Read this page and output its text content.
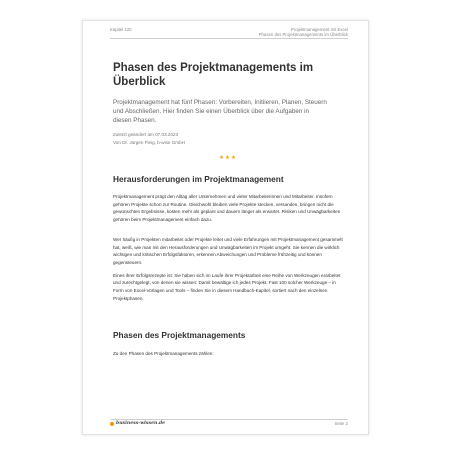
Kapitel 120	Projektmanagement mit Excel
Phasen des Projektmanagements im Überblick
Phasen des Projektmanagements im Überblick
Projektmanagement hat fünf Phasen: Vorbereiten, Initiieren, Planen, Steuern und Abschließen. Hier finden Sie einen Überblick über die Aufgaben in diesen Phasen.
Zuletzt geändert am 07.03.2023
Von Dr. Jürgen Fleig, b-wise GmbH
★★★
Herausforderungen im Projektmanagement

Projektmanagement prägt den Alltag aller Unternehmen und vieler Mitarbeiterinnen und Mitarbeiter. Insofern gehören Projekte schon zur Routine. Gleichwohl bleiben viele Projekte stecken, versanden, bringen nicht die gewünschten Ergebnisse, kosten mehr als geplant und dauern länger als erwartet. Risiken und Unwägbarkeiten gehören beim Projektmanagement einfach dazu.

Wer häufig in Projekten mitarbeitet oder Projekte leitet und viele Erfahrungen mit Projektmanagement gesammelt hat, weiß, wie man mit den Herausforderungen und Unwägbarkeiten im Projekt umgeht. Sie kennen die wirklich wichtigen und kritischen Erfolgsfaktoren, erkennen Abweichungen und Probleme frühzeitig und können gegensteuern.

Eines ihrer Erfolgsrezepte ist: Sie haben sich im Laufe ihrer Projektarbeit eine Reihe von Werkzeugen erarbeitet und zurechtgelegt, von denen sie wissen: Damit bewältige ich jedes Projekt. Fast 100 solcher Werkzeuge – in Form von Excel-Vorlagen und Tools – finden Sie in diesem Handbuch-Kapitel, sortiert nach den einzelnen Projektphasen.

Phasen des Projektmanagements

Zu den Phasen des Projektmanagements zählen:

business-wissen.de	Seite 2
